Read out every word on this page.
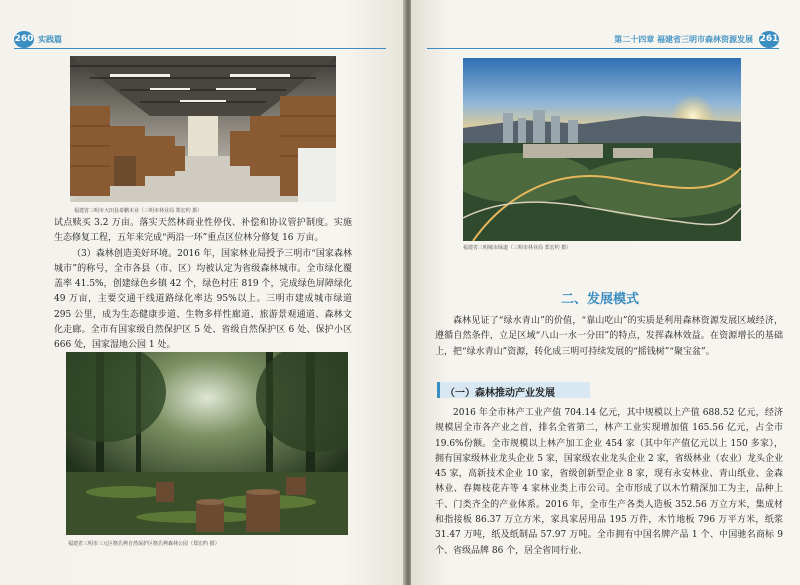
260 实践篇
福建省三明市大田县泰鹏木业（三明市林业局 郑宏约 摄）

试点赎买 3.2 万亩。落实天然林商业性停伐、补偿和协议管护制度。实施生态修复工程，五年来完成“两沿一环”重点区位林分修复 16 万亩。

（3）森林创造美好环境。2016 年，国家林业局授予三明市“国家森林城市”的称号，全市各县（市、区）均被认定为省级森林城市。全市绿化覆盖率 41.5%，创建绿色乡镇 42 个，绿色村庄 819 个，完成绿色屏障绿化 49 万亩，主要交通干线道路绿化率达 95%以上。三明市建成城市绿道 295 公里，成为生态健康步道、生物多样性廊道、旅游景观通道、森林文化走廊。全市有国家级自然保护区 5 处、省级自然保护区 6 处、保护小区 666 处，国家湿地公园 1 处。

福建省三明市三元区格氏栲自然保护区格氏栲森林公园（郑宏约 摄）
第二十四章 福建省三明市森林资源发展 261
福建省三明城市绿道（三明市林业局 郑宏约 摄）
二、发展模式

森林见证了“绿水青山”的价值，“靠山吃山”的实质是利用森林资源发展区域经济，遵循自然条件，立足区域“八山一水一分田”的特点，发挥森林效益。在资源增长的基础上，把“绿水青山”资源，转化成三明可持续发展的“摇钱树”“聚宝盆”。

（一）森林推动产业发展

2016 年全市林产工业产值 704.14 亿元，其中规模以上产值 688.52 亿元，经济规模居全市各产业之首，排名全省第二，林产工业实现增加值 165.56 亿元，占全市 19.6%份额。全市规模以上林产加工企业 454 家（其中年产值亿元以上 150 多家），拥有国家级林业龙头企业 5 家，国家级农业龙头企业 2 家，省级林业（农业）龙头企业 45 家，高新技术企业 10 家，省级创新型企业 8 家，现有永安林业、青山纸业、金森林业、春舞枝花卉等 4 家林业类上市公司。全市形成了以木竹精深加工为主，品种上千、门类齐全的产业体系。2016 年，全市生产各类人造板 352.56 万立方米，集成材和指接板 86.37 万立方米，家具家居用品 195 万件，木竹地板 796 万平方米，纸浆 31.47 万吨，纸及纸制品 57.97 万吨。全市拥有中国名牌产品 1 个、中国驰名商标 9 个、省级品牌 86 个，居全省同行业、
